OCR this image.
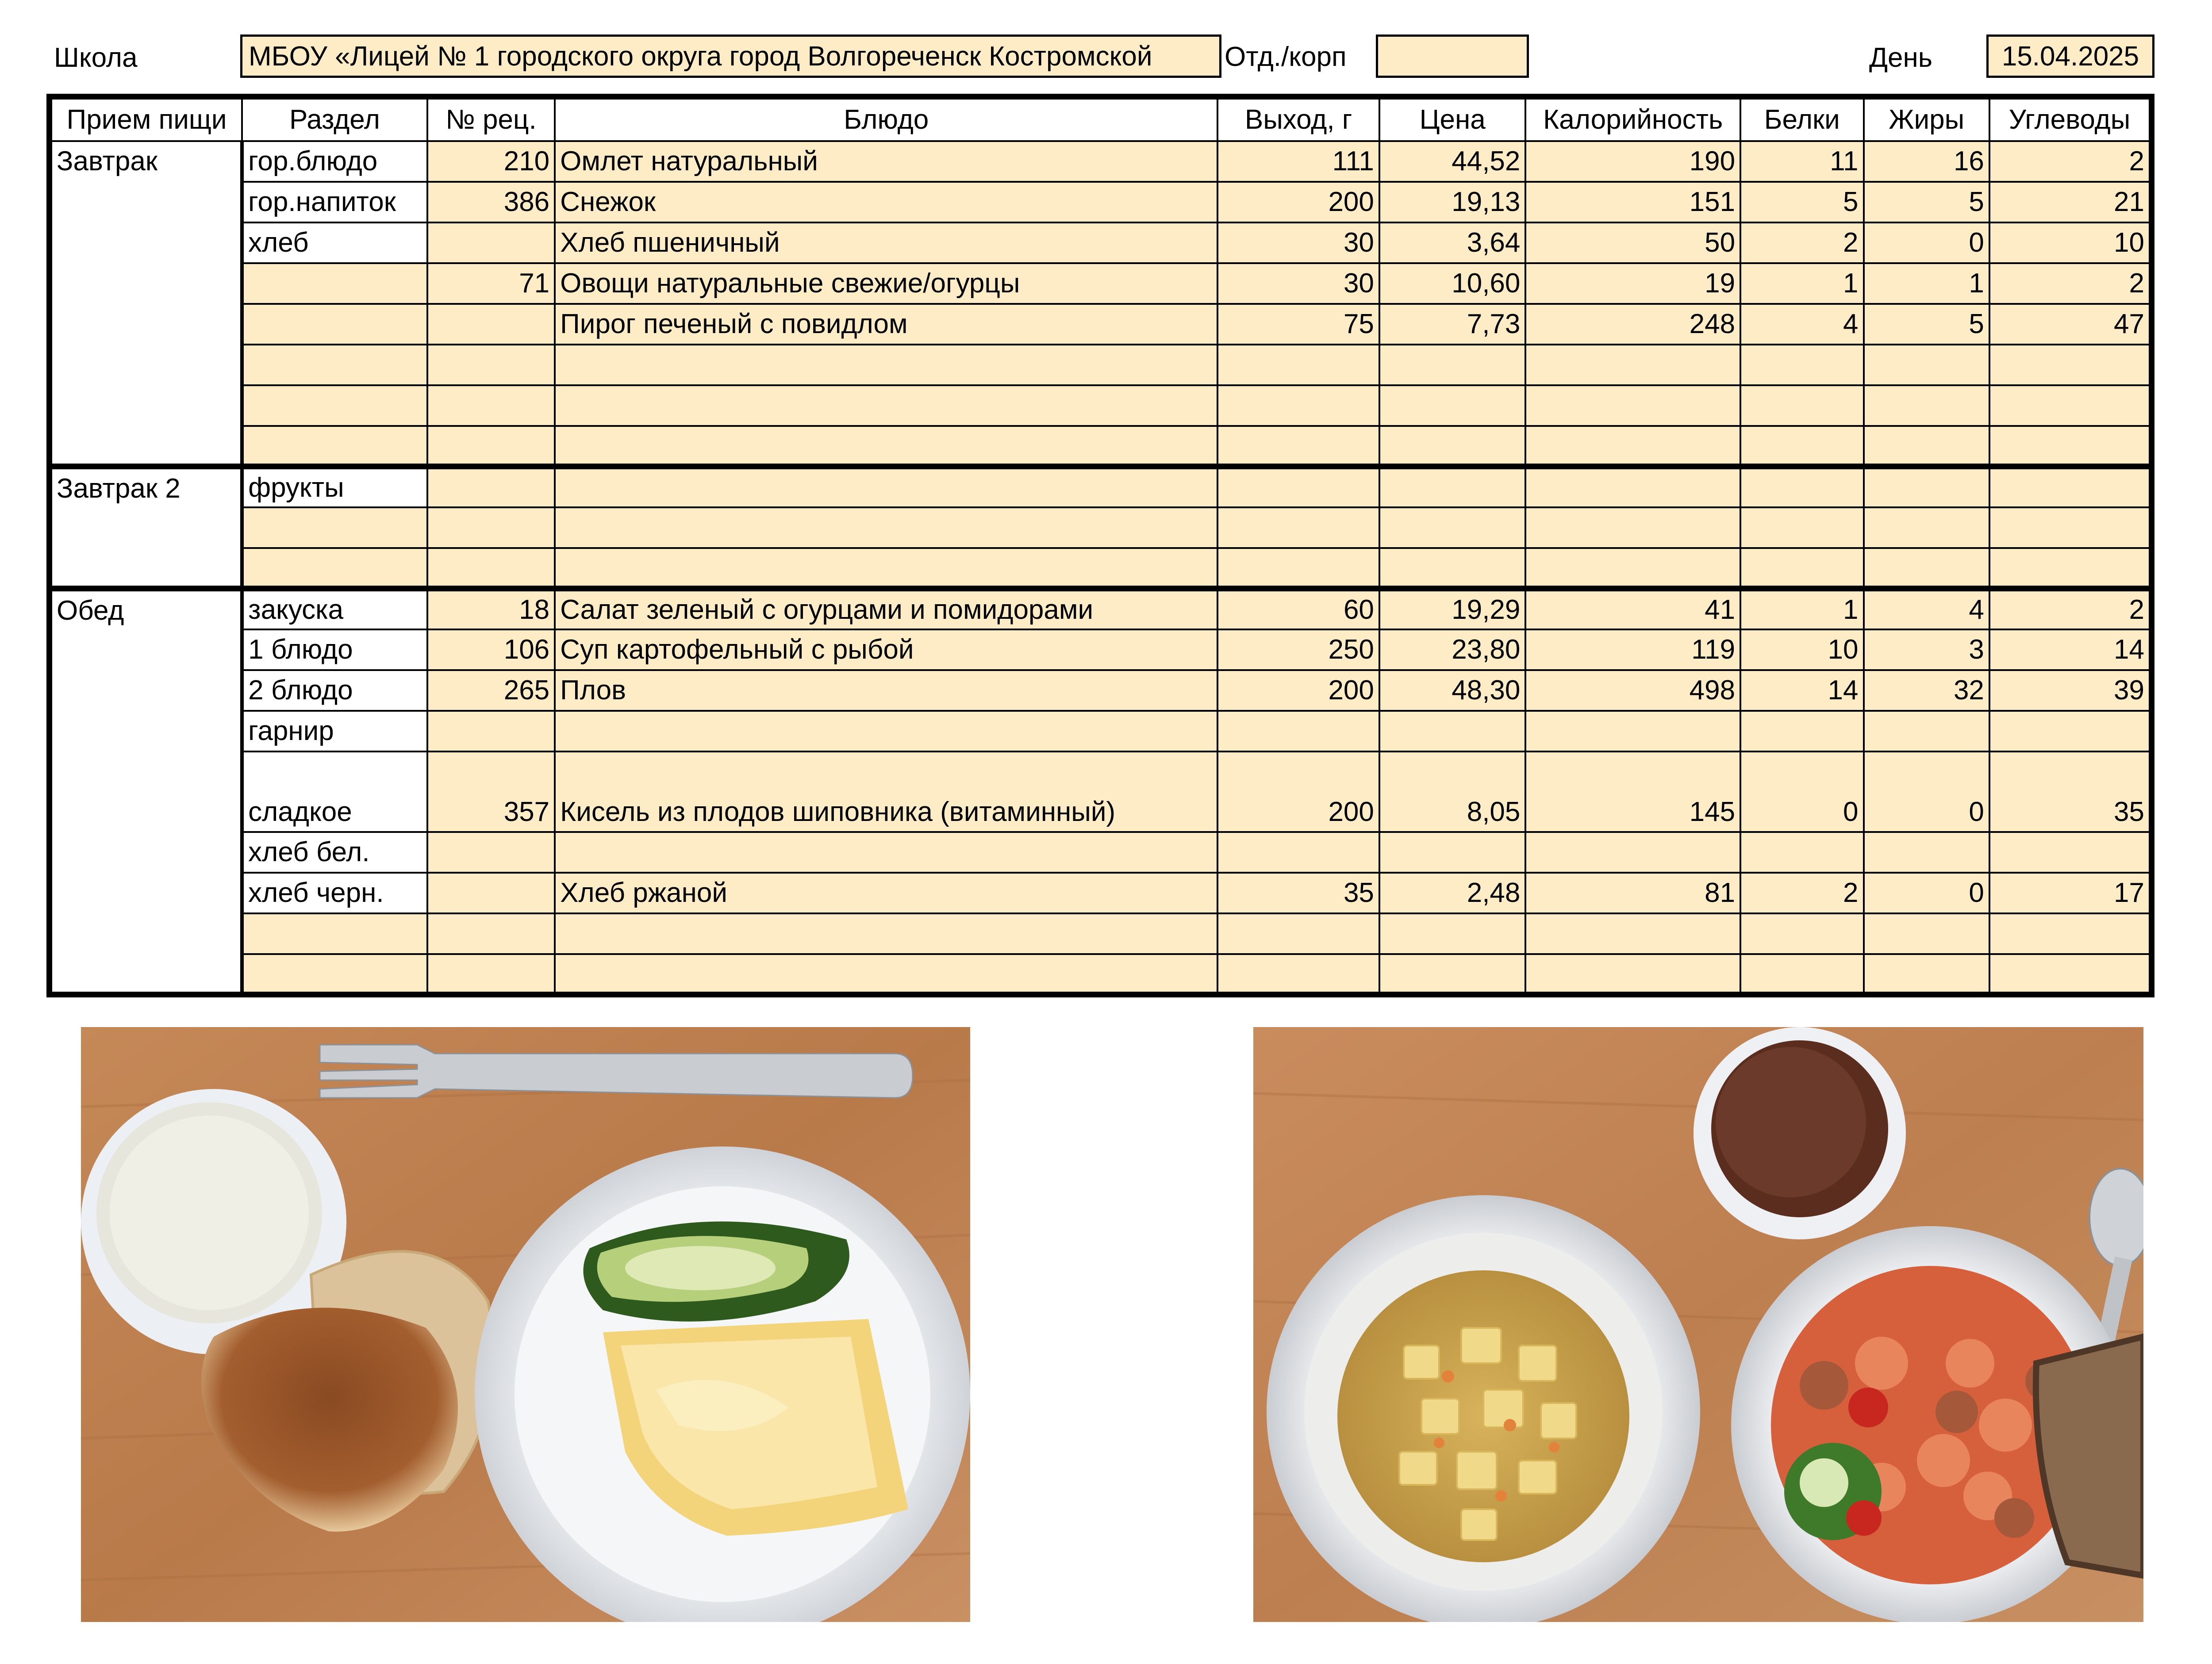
Школа	МБОУ «Лицей № 1 городского округа город Волгореченск Костромской	Отд./корп	День	15.04.2025
Прием пищи	Раздел	№ рец.	Блюдо	Выход, г	Цена	Калорийность	Белки	Жиры	Углеводы
Завтрак	гор.блюдо	210	Омлет натуральный	111	44,52	190	11	16	2
	гор.напиток	386	Снежок	200	19,13	151	5	5	21
	хлеб		Хлеб пшеничный	30	3,64	50	2	0	10
		71	Овощи натуральные свежие/огурцы	30	10,60	19	1	1	2
			Пирог печеный с повидлом	75	7,73	248	4	5	47

Завтрак 2	фрукты								

Обед	закуска	18	Салат зеленый с огурцами и помидорами	60	19,29	41	1	4	2
	1 блюдо	106	Суп картофельный с рыбой	250	23,80	119	10	3	14
	2 блюдо	265	Плов	200	48,30	498	14	32	39
	гарнир								
	сладкое	357	Кисель из плодов шиповника (витаминный)	200	8,05	145	0	0	35
	хлеб бел.								
	хлеб черн.		Хлеб ржаной	35	2,48	81	2	0	17
